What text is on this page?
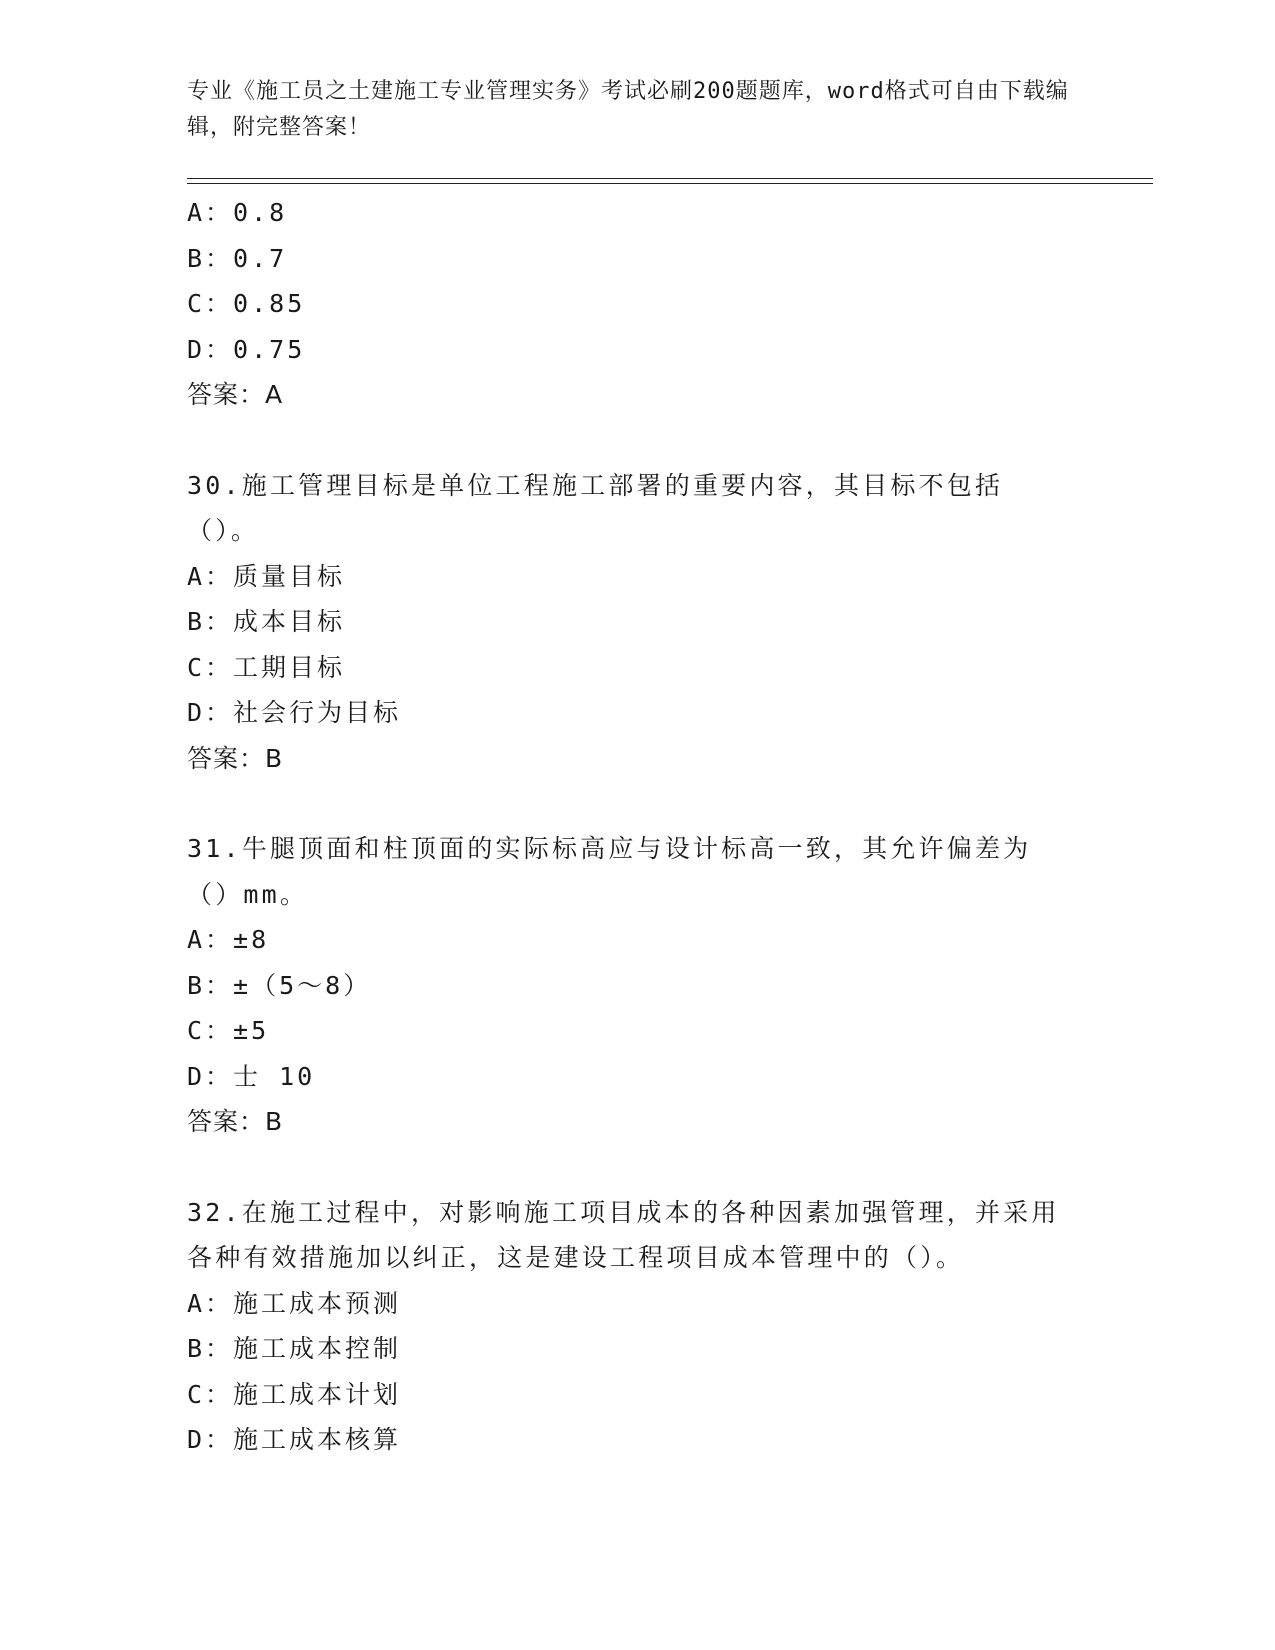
专业《施工员之土建施工专业管理实务》考试必刷200题题库，word格式可自由下载编辑，附完整答案！
A：0.8
B：0.7
C：0.85
D：0.75
答案：A
30.施工管理目标是单位工程施工部署的重要内容，其目标不包括（）。
A：质量目标
B：成本目标
C：工期目标
D：社会行为目标
答案：B
31.牛腿顶面和柱顶面的实际标高应与设计标高一致，其允许偏差为（）mm。
A：±8
B：±（5～8）
C：±5
D：士 10
答案：B
32.在施工过程中，对影响施工项目成本的各种因素加强管理，并采用各种有效措施加以纠正，这是建设工程项目成本管理中的（）。
A：施工成本预测
B：施工成本控制
C：施工成本计划
D：施工成本核算
